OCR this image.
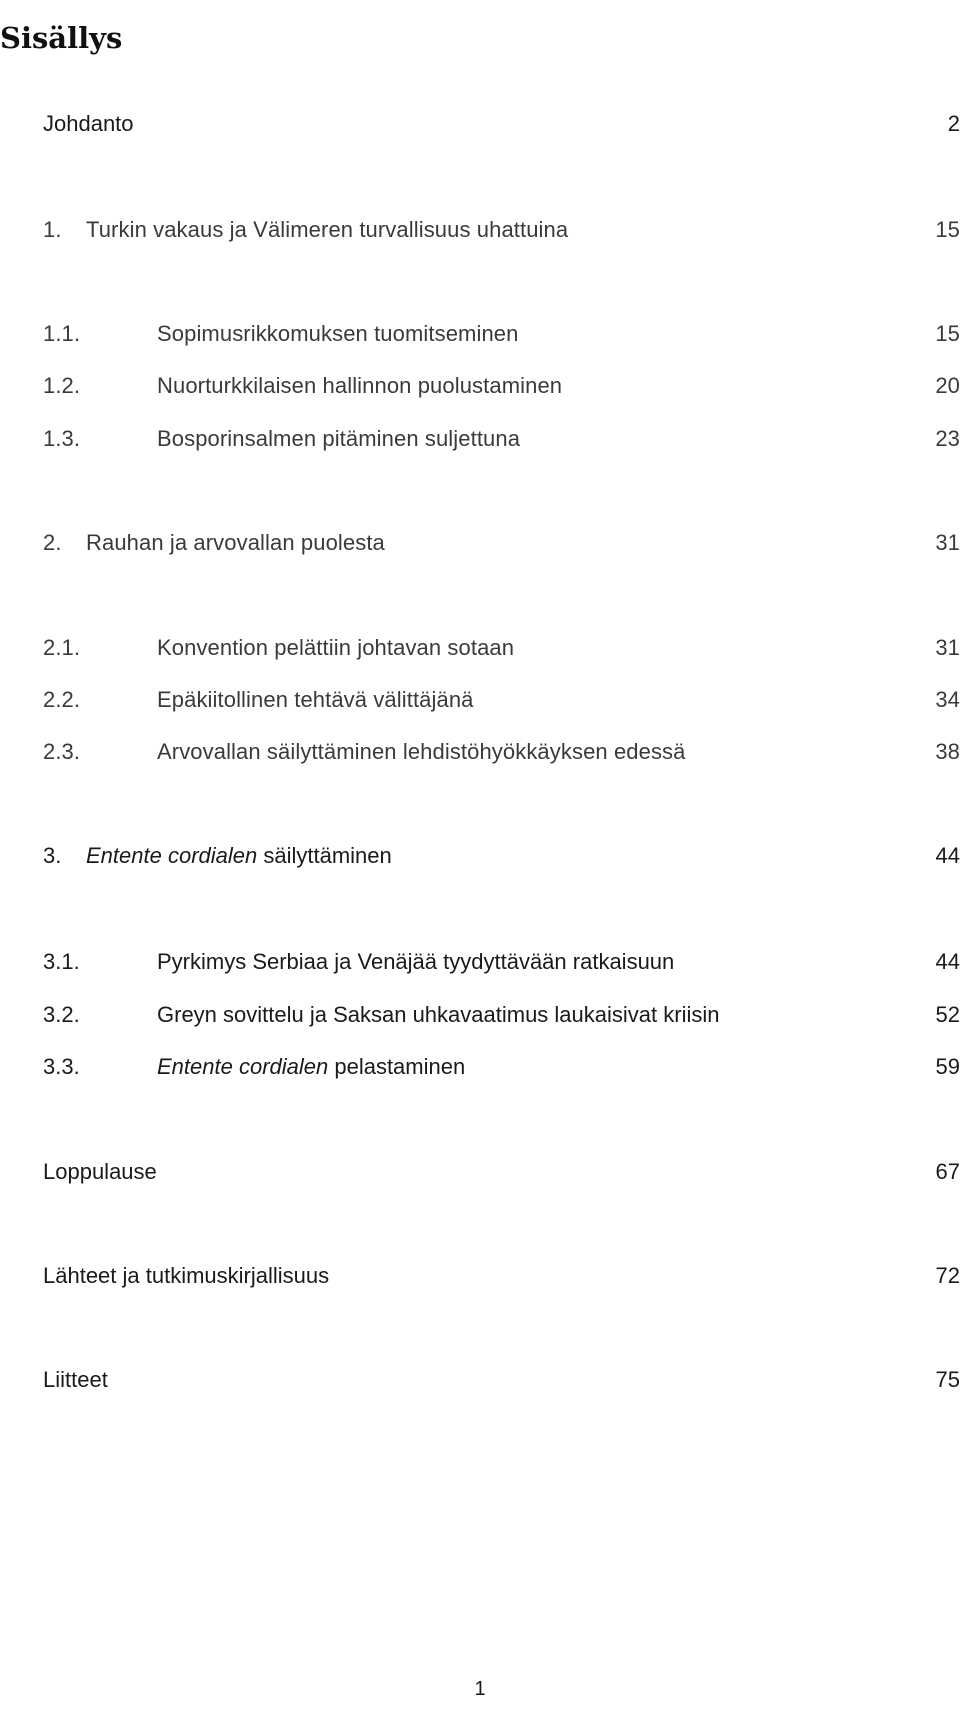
Sisällys
Johdanto	2
1. Turkin vakaus ja Välimeren turvallisuus uhattuina	15
1.1.	Sopimusrikkomuksen tuomitseminen	15
1.2.	Nuorturkkilaisen hallinnon puolustaminen	20
1.3.	Bosporinsalmen pitäminen suljettuna	23
2. Rauhan ja arvovallan puolesta	31
2.1.	Konvention pelättiin johtavan sotaan	31
2.2.	Epäkiitollinen tehtävä välittäjänä	34
2.3.	Arvovallan säilyttäminen lehdistöhyökkäyksen edessä	38
3. Entente cordialen säilyttäminen	44
3.1.	Pyrkimys Serbiaa ja Venäjää tyydyttävään ratkaisuun	44
3.2.	Greyn sovittelu ja Saksan uhkavaatimus laukaisivat kriisin	52
3.3.	Entente cordialen pelastaminen	59
Loppulause	67
Lähteet ja tutkimuskirjallisuus	72
Liitteet	75
1
